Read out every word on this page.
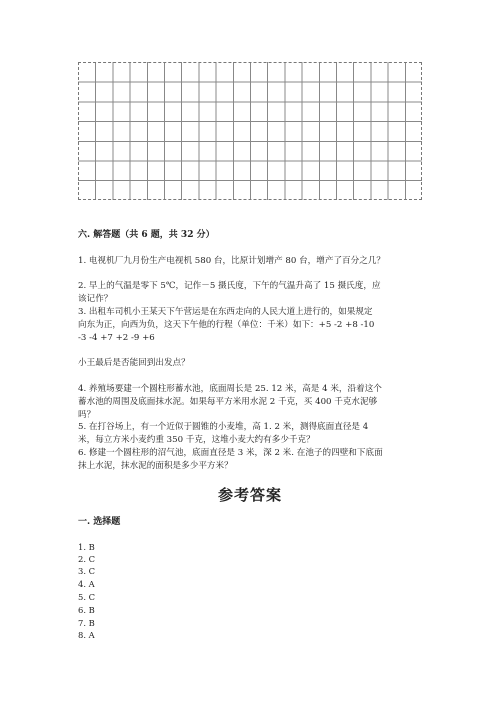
六. 解答题（共 6 题，共 32 分）
1. 电视机厂九月份生产电视机 580 台，比原计划增产 80 台，增产了百分之几？
2. 早上的气温是零下 5℃，记作－5 摄氏度，下午的气温升高了 15 摄氏度，应
该记作？
3. 出租车司机小王某天下午营运是在东西走向的人民大道上进行的，如果规定
向东为正，向西为负，这天下午他的行程（单位：千米）如下：+5 -2 +8 -10
-3 -4 +7 +2 -9 +6
小王最后是否能回到出发点？
4. 养殖场要建一个圆柱形蓄水池，底面周长是 25. 12 米，高是 4 米，沿着这个
蓄水池的周围及底面抹水泥。如果每平方米用水泥 2 千克，买 400 千克水泥够
吗？
5. 在打谷场上，有一个近似于圆锥的小麦堆，高 1. 2 米，测得底面直径是 4
米，每立方米小麦约重 350 千克，这堆小麦大约有多少千克？
6. 修建一个圆柱形的沼气池，底面直径是 3 米，深 2 米. 在池子的四壁和下底面
抹上水泥，抹水泥的面积是多少平方米？
参考答案
一. 选择题
1. B
2. C
3. C
4. A
5. C
6. B
7. B
8. A
